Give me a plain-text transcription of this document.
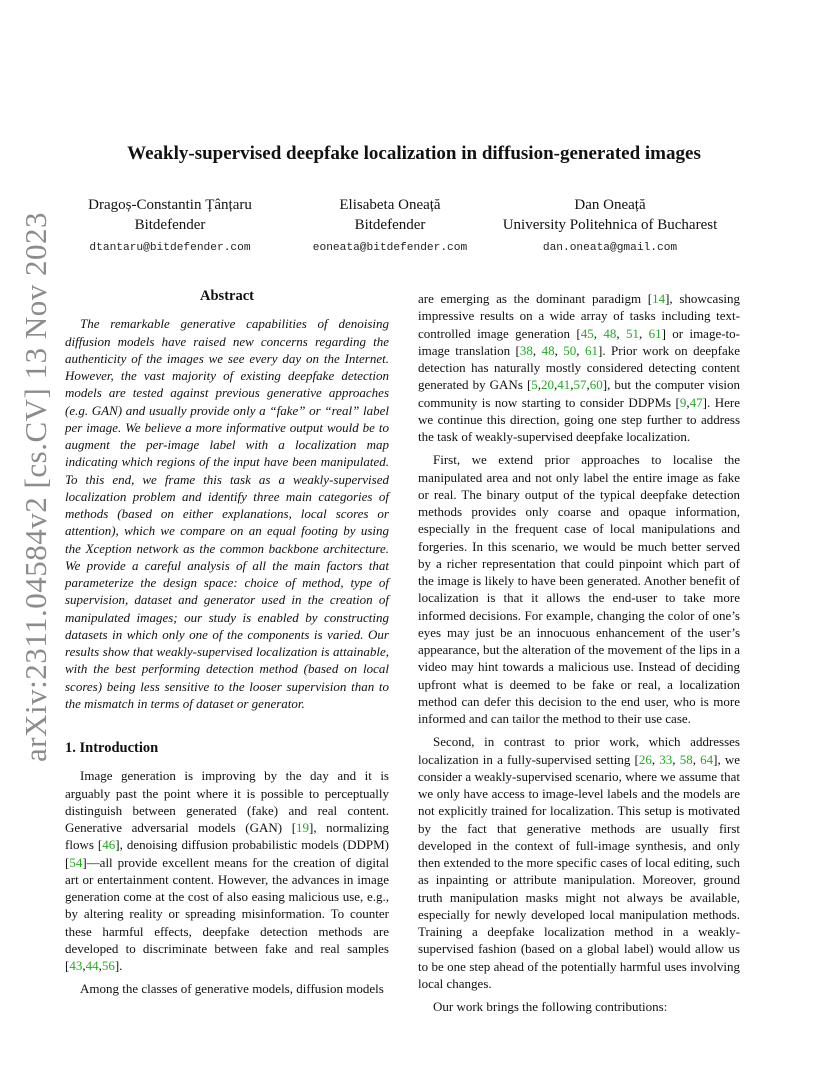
arXiv:2311.04584v2 [cs.CV] 13 Nov 2023
Weakly-supervised deepfake localization in diffusion-generated images
Dragoș-Constantin Țânțaru
Bitdefender
dtantaru@bitdefender.com
Elisabeta Oneață
Bitdefender
eoneata@bitdefender.com
Dan Oneață
University Politehnica of Bucharest
dan.oneata@gmail.com
Abstract

The remarkable generative capabilities of denoising diffusion models have raised new concerns regarding the authenticity of the images we see every day on the Internet. However, the vast majority of existing deepfake detection models are tested against previous generative approaches (e.g. GAN) and usually provide only a “fake” or “real” label per image. We believe a more informative output would be to augment the per-image label with a localization map indicating which regions of the input have been manipulated. To this end, we frame this task as a weakly-supervised localization problem and identify three main categories of methods (based on either explanations, local scores or attention), which we compare on an equal footing by using the Xception network as the common backbone architecture. We provide a careful analysis of all the main factors that parameterize the design space: choice of method, type of supervision, dataset and generator used in the creation of manipulated images; our study is enabled by constructing datasets in which only one of the components is varied. Our results show that weakly-supervised localization is attainable, with the best performing detection method (based on local scores) being less sensitive to the looser supervision than to the mismatch in terms of dataset or generator.

1. Introduction

Image generation is improving by the day and it is arguably past the point where it is possible to perceptually distinguish between generated (fake) and real content. Generative adversarial models (GAN) [19], normalizing flows [46], denoising diffusion probabilistic models (DDPM) [54]—all provide excellent means for the creation of digital art or entertainment content. However, the advances in image generation come at the cost of also easing malicious use, e.g., by altering reality or spreading misinformation. To counter these harmful effects, deepfake detection methods are developed to discriminate between fake and real samples [43,44,56].

Among the classes of generative models, diffusion models

are emerging as the dominant paradigm [14], showcasing impressive results on a wide array of tasks including text-controlled image generation [45, 48, 51, 61] or image-to-image translation [38, 48, 50, 61]. Prior work on deepfake detection has naturally mostly considered detecting content generated by GANs [5,20,41,57,60], but the computer vision community is now starting to consider DDPMs [9,47]. Here we continue this direction, going one step further to address the task of weakly-supervised deepfake localization.

First, we extend prior approaches to localise the manipulated area and not only label the entire image as fake or real. The binary output of the typical deepfake detection methods provides only coarse and opaque information, especially in the frequent case of local manipulations and forgeries. In this scenario, we would be much better served by a richer representation that could pinpoint which part of the image is likely to have been generated. Another benefit of localization is that it allows the end-user to take more informed decisions. For example, changing the color of one’s eyes may just be an innocuous enhancement of the user’s appearance, but the alteration of the movement of the lips in a video may hint towards a malicious use. Instead of deciding upfront what is deemed to be fake or real, a localization method can defer this decision to the end user, who is more informed and can tailor the method to their use case.

Second, in contrast to prior work, which addresses localization in a fully-supervised setting [26, 33, 58, 64], we consider a weakly-supervised scenario, where we assume that we only have access to image-level labels and the models are not explicitly trained for localization. This setup is motivated by the fact that generative methods are usually first developed in the context of full-image synthesis, and only then extended to the more specific cases of local editing, such as inpainting or attribute manipulation. Moreover, ground truth manipulation masks might not always be available, especially for newly developed local manipulation methods. Training a deepfake localization method in a weakly-supervised fashion (based on a global label) would allow us to be one step ahead of the potentially harmful uses involving local changes.

Our work brings the following contributions:
